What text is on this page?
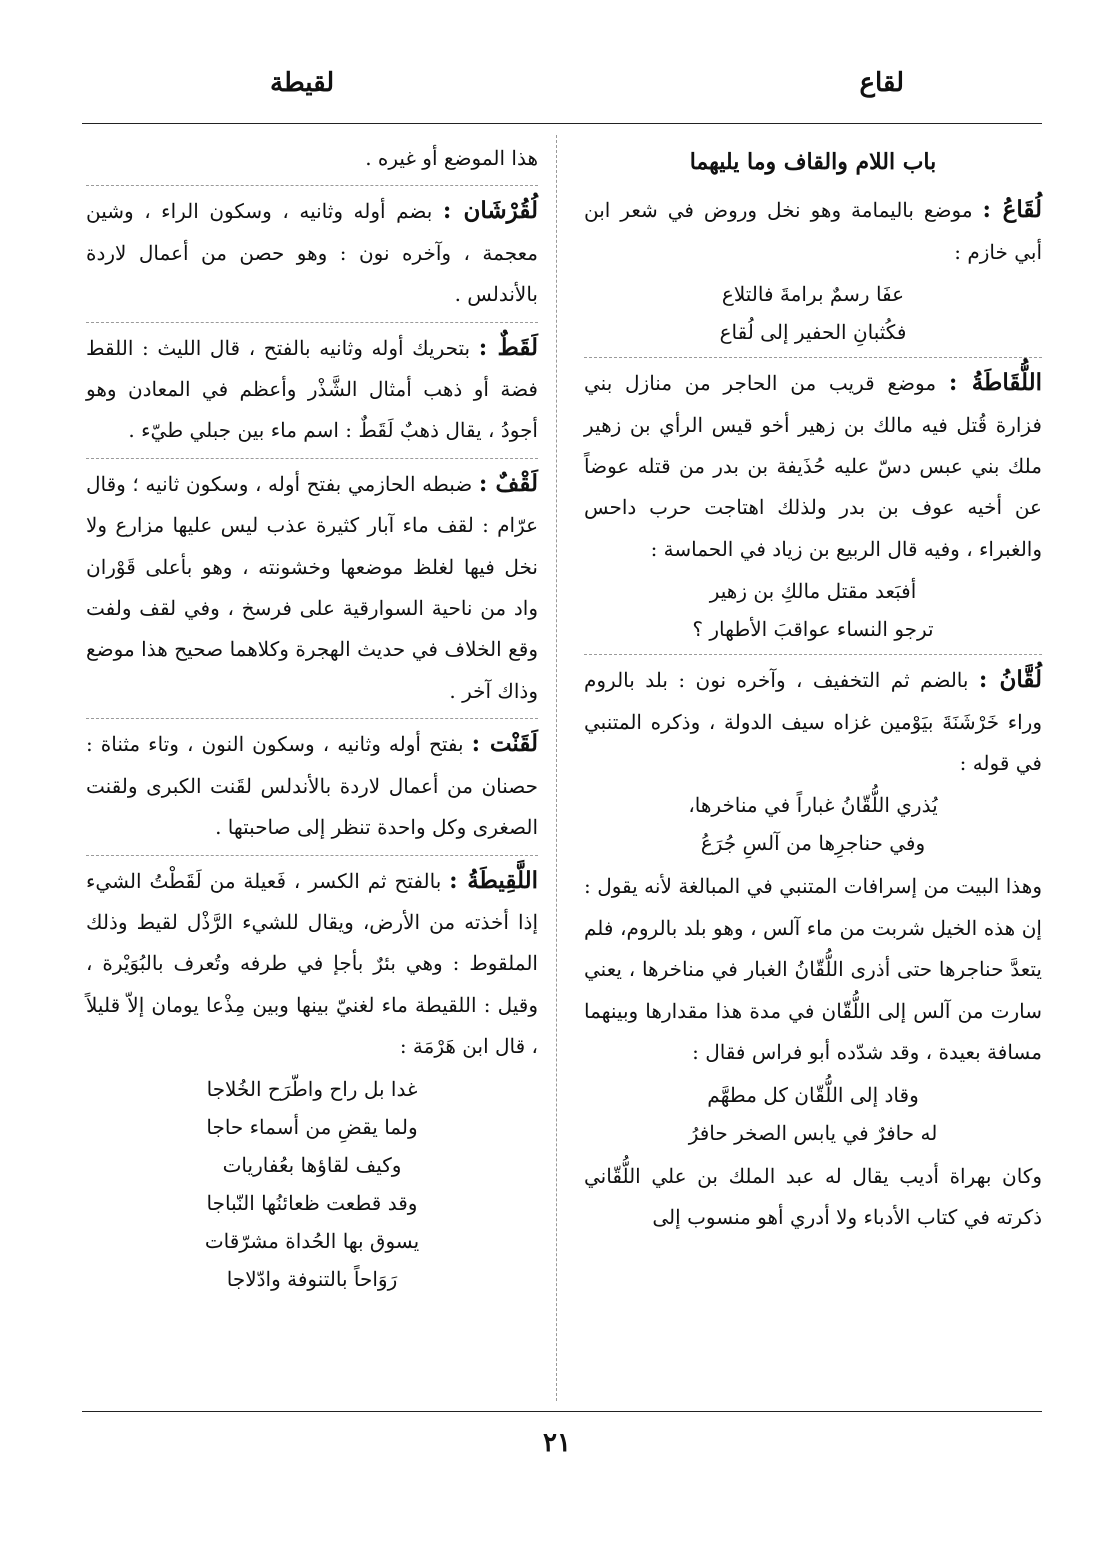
لقاع
لقيطة
باب اللام والقاف وما يليهما
لُقَاعُ : موضع باليمامة وهو نخل وروض في شعر ابن أبي خازم :
عفَا رسمٌ برامةَ فالتلاع
فكُثبانِ الحفير إلى لُقاع
اللُّقَاطَةُ : موضع قريب من الحاجر من منازل بني فزارة قُتل فيه مالك بن زهير أخو قيس الرأي بن زهير ملك بني عبس دسّ عليه حُذَيفة بن بدر من قتله عوضاً عن أخيه عوف بن بدر ولذلك اهتاجت حرب داحس والغبراء ، وفيه قال الربيع بن زياد في الحماسة :
أفبَعد مقتل مالكِ بن زهير
ترجو النساء عواقبَ الأطهار ؟
لُقَّانُ : بالضم ثم التخفيف ، وآخره نون : بلد بالروم وراء خَرْشَنَةَ بيَوْمين غزاه سيف الدولة ، وذكره المتنبي في قوله :
يُذري اللُّقّانُ غباراً في مناخرها،
وفي حناجرِها من آلسِ جُرَعُ
وهذا البيت من إسرافات المتنبي في المبالغة لأنه يقول : إن هذه الخيل شربت من ماء آلس ، وهو بلد بالروم، فلم يتعدَّ حناجرها حتى أذرى اللُّقّانُ الغبار في مناخرها ، يعني سارت من آلس إلى اللُّقّان في مدة هذا مقدارها وبينهما مسافة بعيدة ، وقد شدّده أبو فراس فقال :
وقاد إلى اللُّقّان كل مطهَّم
له حافرٌ في يابس الصخر حافرُ
وكان بهراة أديب يقال له عبد الملك بن علي اللُّقّاني ذكرته في كتاب الأدباء ولا أدري أهو منسوب إلى
هذا الموضع أو غيره .
لُقُرْشَان : بضم أوله وثانيه ، وسكون الراء ، وشين معجمة ، وآخره نون : وهو حصن من أعمال لاردة بالأندلس .
لَقَطٌ : بتحريك أوله وثانيه بالفتح ، قال الليث : اللقط فضة أو ذهب أمثال الشَّذْر وأعظم في المعادن وهو أجودُ ، يقال ذهبٌ لَقَطٌ : اسم ماء بين جبلي طيّء .
لَقْفٌ : ضبطه الحازمي بفتح أوله ، وسكون ثانيه ؛ وقال عرّام : لقف ماء آبار كثيرة عذب ليس عليها مزارع ولا نخل فيها لغلظ موضعها وخشونته ، وهو بأعلى قَوْران واد من ناحية السوارقية على فرسخ ، وفي لقف ولفت وقع الخلاف في حديث الهجرة وكلاهما صحيح هذا موضع وذاك آخر .
لَقَنْت : بفتح أوله وثانيه ، وسكون النون ، وتاء مثناة : حصنان من أعمال لاردة بالأندلس لقَنت الكبرى ولقنت الصغرى وكل واحدة تنظر إلى صاحبتها .
اللَّقِيطَةُ : بالفتح ثم الكسر ، فَعيلة من لَقَطْتُ الشيء إذا أخذته من الأرض، ويقال للشيء الرَّذْل لقيط وذلك الملقوط : وهي بئرٌ بأجإ في طرفه وتُعرف بالبُوَيْرة ، وقيل : اللقيطة ماء لغنيّ بينها وبين مِذْعا يومان إلاّ قليلاً ، قال ابن هَرْمَة :
غدا بل راح واطّرَح الخُلاجا
ولما يقضِ من أسماء حاجا
وكيف لقاؤها بعُفاريات
وقد قطعت ظعائنُها النّباجا
يسوق بها الحُداة مشرّقات
رَوَاحاً بالتنوفة وادّلاجا
٢١
